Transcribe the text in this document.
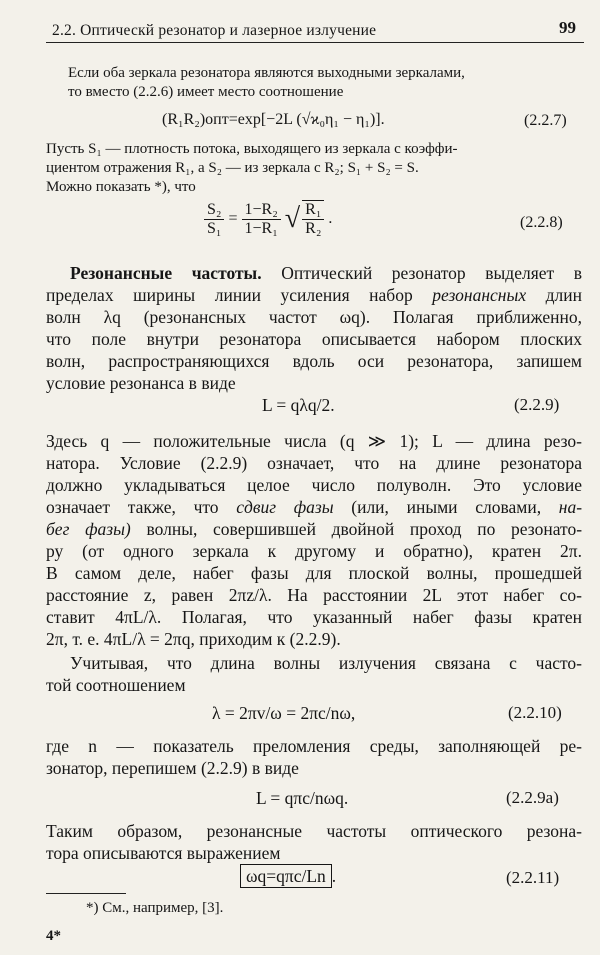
2.2. Оптическй резонатор и лазерное излучение	99
Если оба зеркала резонатора являются выходными зеркалами,
то вместо (2.2.6) имеет место соотношение
(R₁R₂)опт=exp[−2L (√ϰ₀η₁ − η₁)].	(2.2.7)
Пусть S₁ — плотность потока, выходящего из зеркала с коэффи-
циентом отражения R₁, а S₂ — из зеркала с R₂; S₁ + S₂ = S.
Можно показать *), что
$\frac{\text{S₂}}{\text{S₁}} = \frac{\text{1−R₂}}{\text{1−R₁}}$ √ $\frac{\text{R₁}}{\text{R₂}}$ .	(2.2.8)
Резонансные частоты. Оптический резонатор выделяет в
пределах ширины линии усиления набор резонансных длин
волн λq (резонансных частот ωq). Полагая приближенно,
что поле внутри резонатора описывается набором плоских
волн, распространяющихся вдоль оси резонатора, запишем
условие резонанса в виде
L = qλq/2.	(2.2.9)
Здесь q — положительные числа (q ≫ 1); L — длина резо-
натора. Условие (2.2.9) означает, что на длине резонатора
должно укладываться целое число полуволн. Это условие
означает также, что сдвиг фазы (или, иными словами, на-
бег фазы) волны, совершившей двойной проход по резонато-
ру (от одного зеркала к другому и обратно), кратен 2π.
В самом деле, набег фазы для плоской волны, прошедшей
расстояние z, равен 2πz/λ. На расстоянии 2L этот набег со-
ставит 4πL/λ. Полагая, что указанный набег фазы кратен
2π, т. е. 4πL/λ = 2πq, приходим к (2.2.9).
Учитывая, что длина волны излучения связана с часто-
той соотношением
λ = 2πv/ω = 2πc/nω,	(2.2.10)
где n — показатель преломления среды, заполняющей ре-
зонатор, перепишем (2.2.9) в виде
L = qπc/nωq.	(2.2.9a)
Таким образом, резонансные частоты оптического резона-
тора описываются выражением
ωq=qπc/Ln .	(2.2.11)
*) См., например, [3].
4*
